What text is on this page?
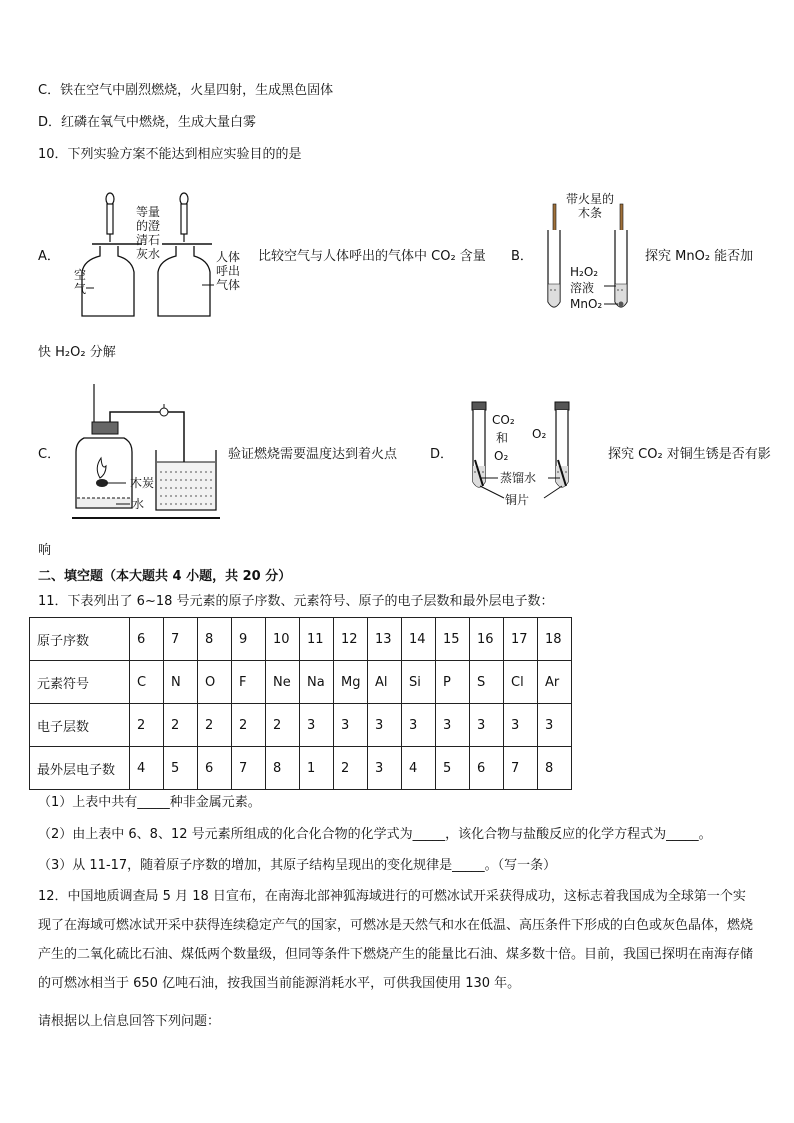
C．铁在空气中剧烈燃烧，火星四射，生成黑色固体
D．红磷在氧气中燃烧，生成大量白雾
10．下列实验方案不能达到相应实验目的的是
A．
等量的澄清石灰水
空气
人体呼出气体
比较空气与人体呼出的气体中 CO₂ 含量 B．
带火星的木条
H₂O₂
溶液
MnO₂
探究 MnO₂ 能否加
快 H₂O₂ 分解
C．
木炭
水
验证燃烧需要温度达到着火点	D．
CO₂
和
O₂
O₂
蒸馏水
铜片
探究 CO₂ 对铜生锈是否有影
响
二、填空题（本大题共 4 小题，共 20 分）
11．下表列出了 6~18 号元素的原子序数、元素符号、原子的电子层数和最外层电子数：
原子序数	6	7	8	9	10	11	12	13	14	15	16	17	18
元素符号	C	N	O	F	Ne	Na	Mg	Al	Si	P	S	Cl	Ar
电子层数	2	2	2	2	2	3	3	3	3	3	3	3	3
最外层电子数	4	5	6	7	8	1	2	3	4	5	6	7	8
（1）上表中共有_____种非金属元素。
（2）由上表中 6、8、12 号元素所组成的化合化合物的化学式为_____，该化合物与盐酸反应的化学方程式为_____。
（3）从 11-17，随着原子序数的增加，其原子结构呈现出的变化规律是_____。（写一条）
12．中国地质调查局 5 月 18 日宣布，在南海北部神狐海域进行的可燃冰试开采获得成功，这标志着我国成为全球第一个实现了在海域可燃冰试开采中获得连续稳定产气的国家，可燃冰是天然气和水在低温、高压条件下形成的白色或灰色晶体，燃烧产生的二氧化硫比石油、煤低两个数量级，但同等条件下燃烧产生的能量比石油、煤多数十倍。目前，我国已探明在南海存储的可燃冰相当于 650 亿吨石油，按我国当前能源消耗水平，可供我国使用 130 年。
请根据以上信息回答下列问题：
